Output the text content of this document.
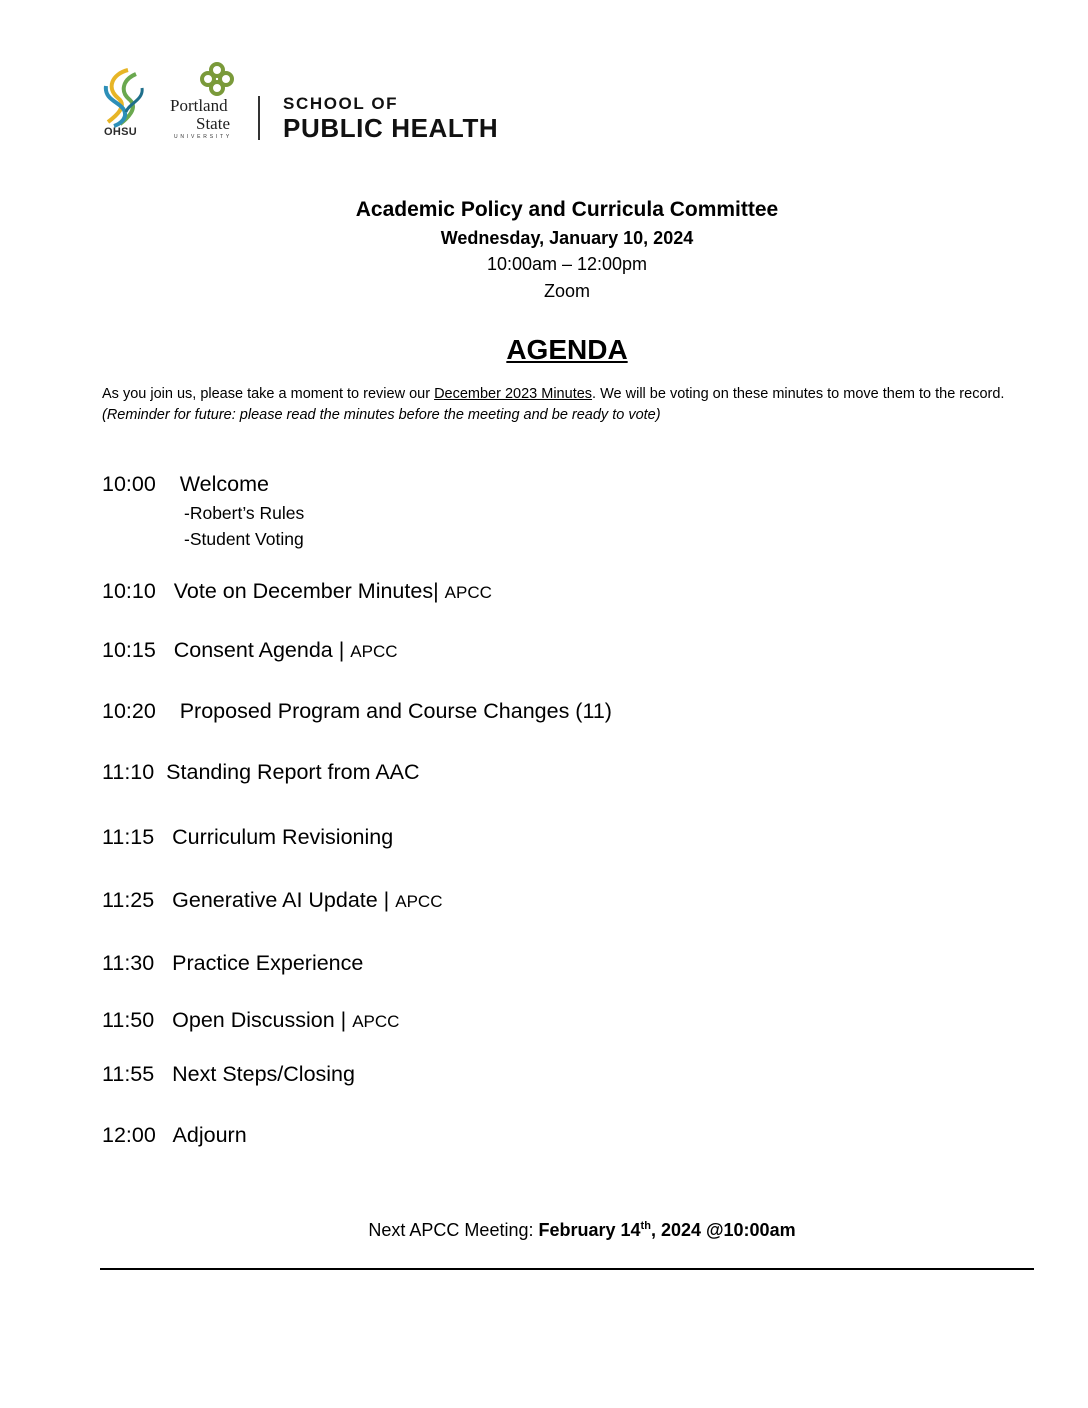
OHSU
Portland
State
UNIVERSITY
SCHOOL OF
PUBLIC HEALTH
Academic Policy and Curricula Committee
Wednesday, January 10, 2024
10:00am – 12:00pm
Zoom
AGENDA
As you join us, please take a moment to review our December 2023 Minutes. We will be voting on these minutes to move them to the record. (Reminder for future: please read the minutes before the meeting and be ready to vote)
10:00 Welcome
-Robert’s Rules
-Student Voting
10:10 Vote on December Minutes| APCC
10:15 Consent Agenda | APCC
10:20 Proposed Program and Course Changes (11)
11:10 Standing Report from AAC
11:15 Curriculum Revisioning
11:25 Generative AI Update | APCC
11:30 Practice Experience
11:50 Open Discussion | APCC
11:55 Next Steps/Closing
12:00 Adjourn
Next APCC Meeting: February 14th, 2024 @10:00am
